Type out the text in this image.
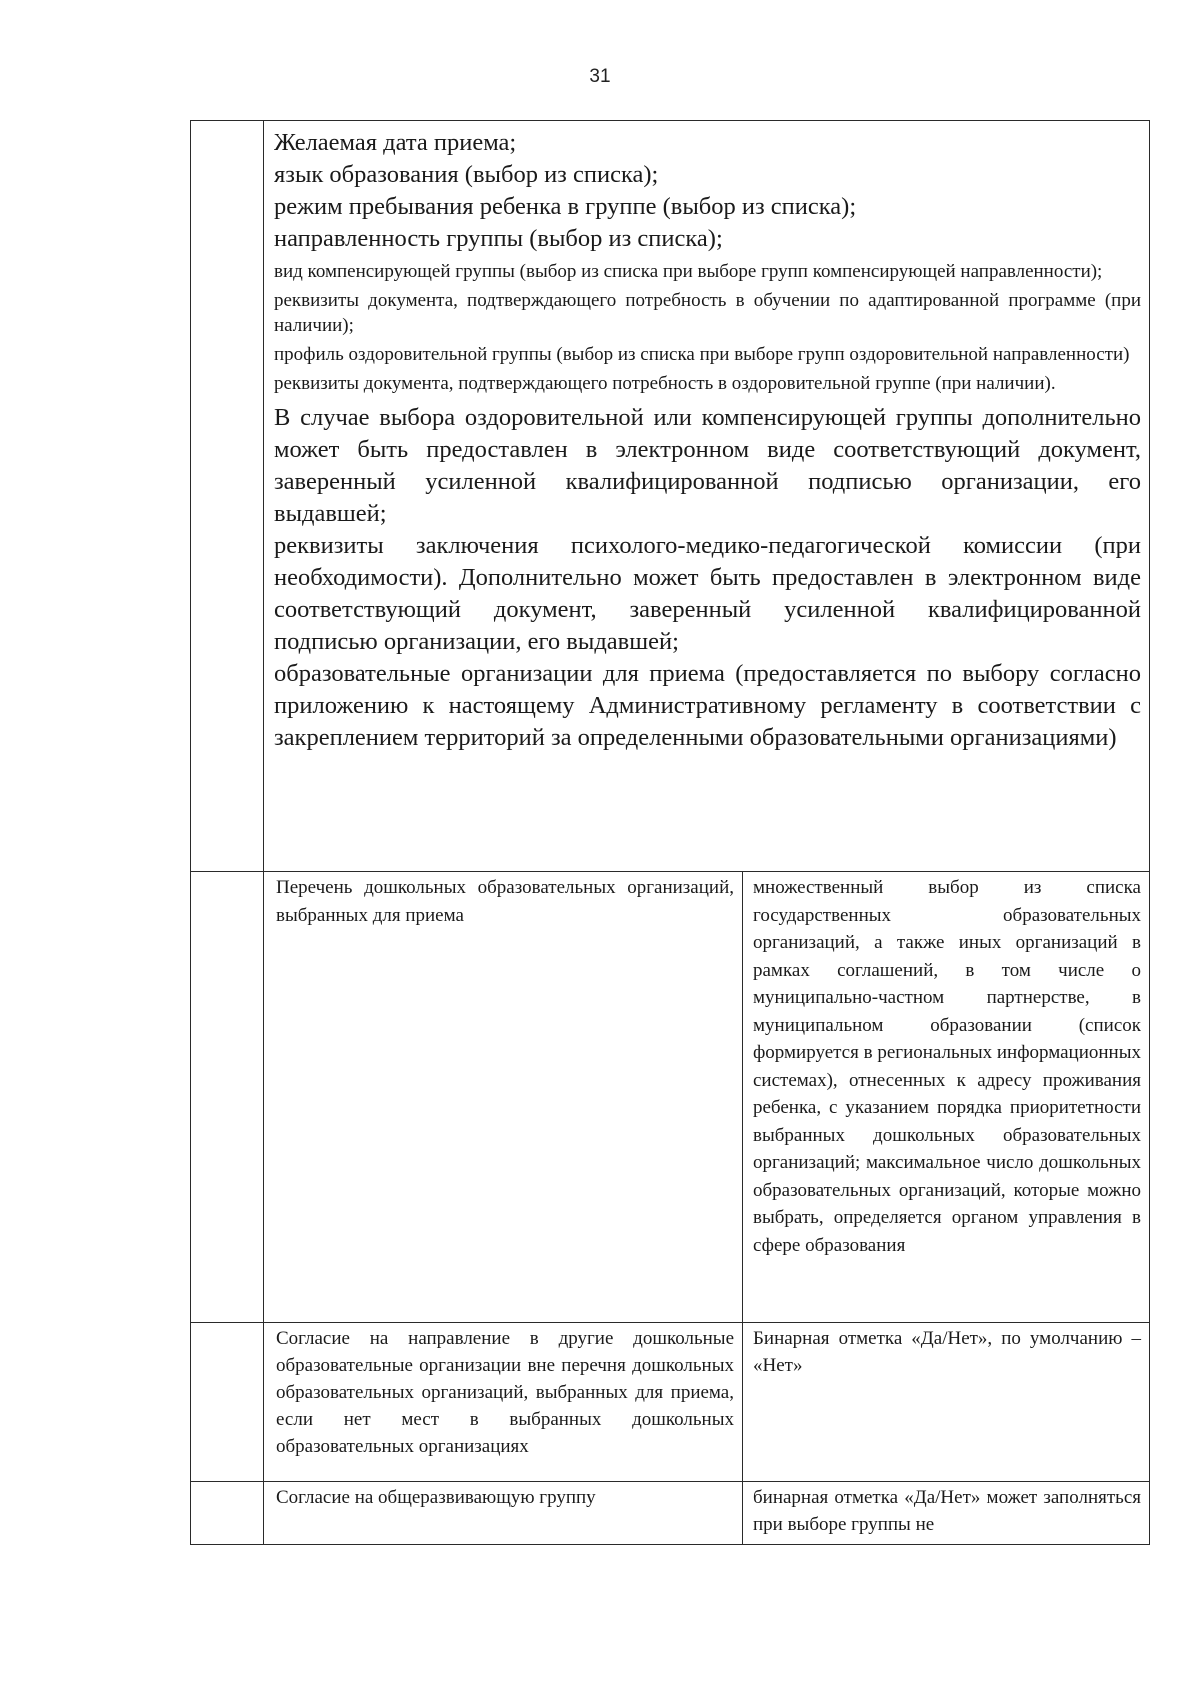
31
Желаемая дата приема;
язык образования (выбор из списка);
режим пребывания ребенка в группе (выбор из списка);
направленность группы (выбор из списка);
вид компенсирующей группы (выбор из списка при выборе групп компенсирующей направленности);
реквизиты документа, подтверждающего потребность в обучении по адаптированной программе (при наличии);
профиль оздоровительной группы (выбор из списка при выборе групп оздоровительной направленности)
реквизиты документа, подтверждающего потребность в оздоровительной группе (при наличии).
В случае выбора оздоровительной или компенсирующей группы дополнительно может быть предоставлен в электронном виде соответствующий документ, заверенный усиленной квалифицированной подписью организации, его выдавшей;
реквизиты заключения психолого-медико-педагогической комиссии (при необходимости). Дополнительно может быть предоставлен в электронном виде соответствующий документ, заверенный усиленной квалифицированной подписью организации, его выдавшей;
образовательные организации для приема (предоставляется по выбору согласно приложению к настоящему Административному регламенту в соответствии с закреплением территорий за определенными образовательными организациями)
Перечень дошкольных образовательных организаций, выбранных для приема
множественный выбор из списка государственных образовательных организаций, а также иных организаций в рамках соглашений, в том числе о муниципально-частном партнерстве, в муниципальном образовании (список формируется в региональных информационных системах), отнесенных к адресу проживания ребенка, с указанием порядка приоритетности выбранных дошкольных образовательных организаций; максимальное число дошкольных образовательных организаций, которые можно выбрать, определяется органом управления в сфере образования
Согласие на направление в другие дошкольные образовательные организации вне перечня дошкольных образовательных организаций, выбранных для приема, если нет мест в выбранных дошкольных образовательных организациях
Бинарная отметка «Да/Нет», по умолчанию – «Нет»
Согласие на общеразвивающую группу	бинарная отметка «Да/Нет» может заполняться при выборе группы не
